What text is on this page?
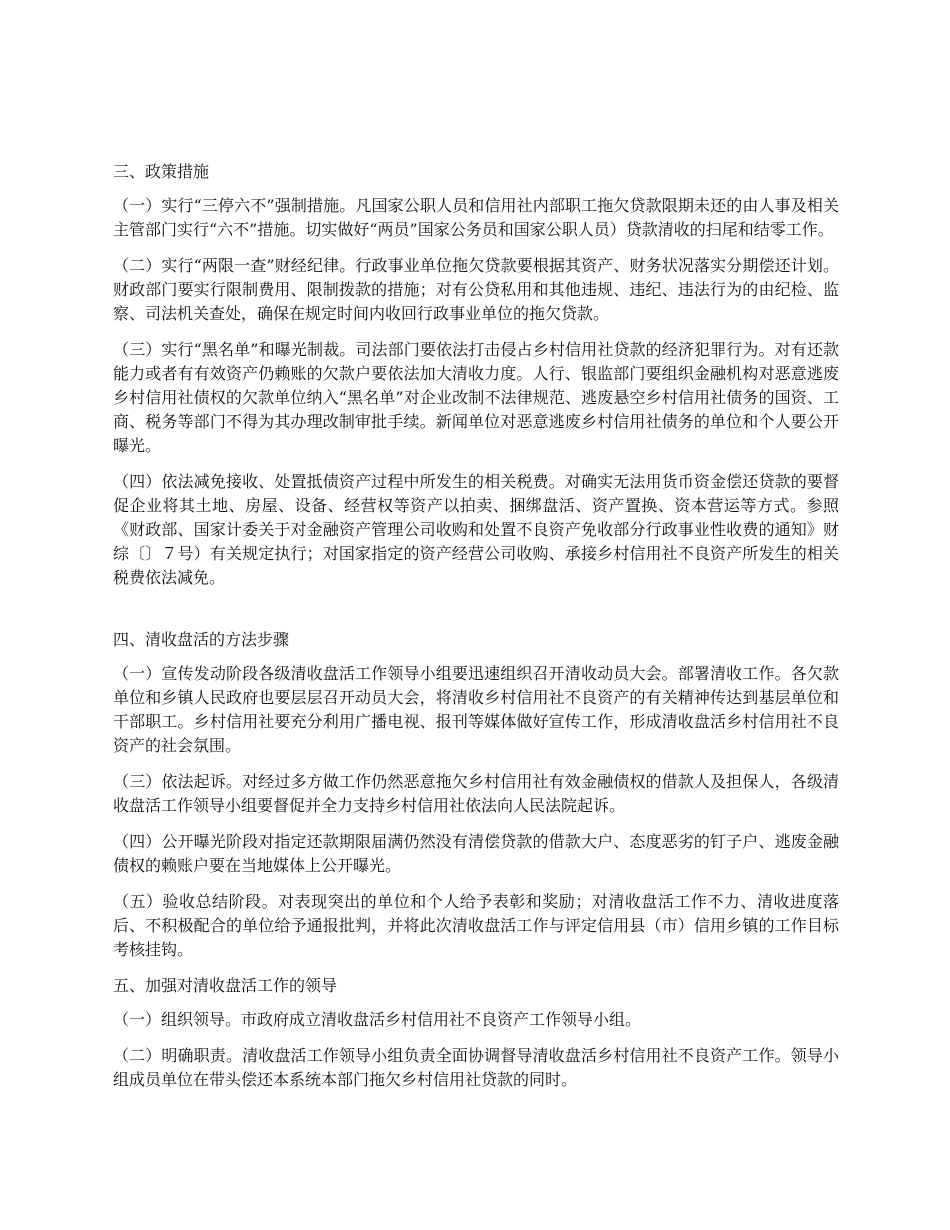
三、政策措施

（一）实行“三停六不”强制措施。凡国家公职人员和信用社内部职工拖欠贷款限期未还的由人事及相关主管部门实行“六不”措施。切实做好“两员”国家公务员和国家公职人员）贷款清收的扫尾和结零工作。

（二）实行“两限一查”财经纪律。行政事业单位拖欠贷款要根据其资产、财务状况落实分期偿还计划。财政部门要实行限制费用、限制拨款的措施；对有公贷私用和其他违规、违纪、违法行为的由纪检、监察、司法机关查处，确保在规定时间内收回行政事业单位的拖欠贷款。

（三）实行“黑名单”和曝光制裁。司法部门要依法打击侵占乡村信用社贷款的经济犯罪行为。对有还款能力或者有有效资产仍赖账的欠款户要依法加大清收力度。人行、银监部门要组织金融机构对恶意逃废乡村信用社债权的欠款单位纳入“黑名单”对企业改制不法律规范、逃废悬空乡村信用社债务的国资、工商、税务等部门不得为其办理改制审批手续。新闻单位对恶意逃废乡村信用社债务的单位和个人要公开曝光。

（四）依法减免接收、处置抵债资产过程中所发生的相关税费。对确实无法用货币资金偿还贷款的要督促企业将其土地、房屋、设备、经营权等资产以拍卖、捆绑盘活、资产置换、资本营运等方式。参照《财政部、国家计委关于对金融资产管理公司收购和处置不良资产免收部分行政事业性收费的通知》财综〔〕７号）有关规定执行；对国家指定的资产经营公司收购、承接乡村信用社不良资产所发生的相关税费依法减免。

四、清收盘活的方法步骤

（一）宣传发动阶段各级清收盘活工作领导小组要迅速组织召开清收动员大会。部署清收工作。各欠款单位和乡镇人民政府也要层层召开动员大会，将清收乡村信用社不良资产的有关精神传达到基层单位和干部职工。乡村信用社要充分利用广播电视、报刊等媒体做好宣传工作，形成清收盘活乡村信用社不良资产的社会氛围。

（三）依法起诉。对经过多方做工作仍然恶意拖欠乡村信用社有效金融债权的借款人及担保人，各级清收盘活工作领导小组要督促并全力支持乡村信用社依法向人民法院起诉。

（四）公开曝光阶段对指定还款期限届满仍然没有清偿贷款的借款大户、态度恶劣的钉子户、逃废金融债权的赖账户要在当地媒体上公开曝光。

（五）验收总结阶段。对表现突出的单位和个人给予表彰和奖励；对清收盘活工作不力、清收进度落后、不积极配合的单位给予通报批判，并将此次清收盘活工作与评定信用县（市）信用乡镇的工作目标考核挂钩。

五、加强对清收盘活工作的领导

（一）组织领导。市政府成立清收盘活乡村信用社不良资产工作领导小组。

（二）明确职责。清收盘活工作领导小组负责全面协调督导清收盘活乡村信用社不良资产工作。领导小组成员单位在带头偿还本系统本部门拖欠乡村信用社贷款的同时。
